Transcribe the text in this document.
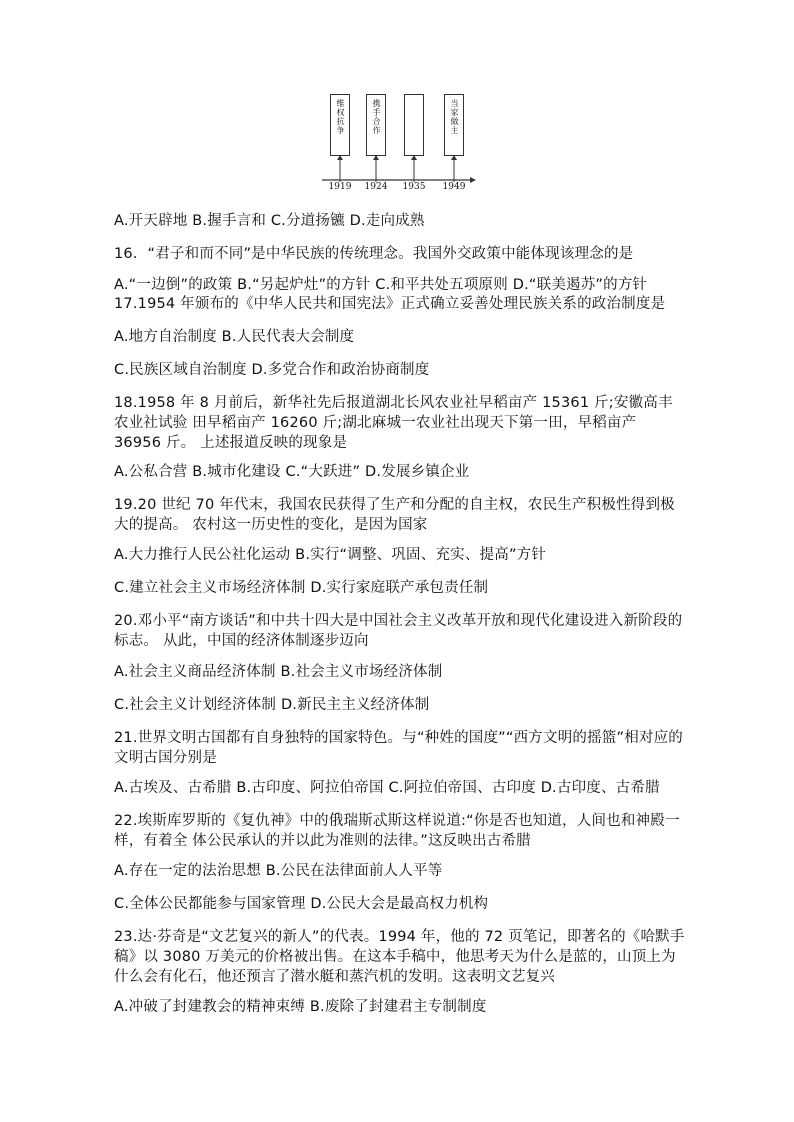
维权抗争	携手合作	当家做主
1919	1924	1935	1949
A.开天辟地 B.握手言和 C.分道扬镳 D.走向成熟
16．“君子和而不同”是中华民族的传统理念。我国外交政策中能体现该理念的是
A.“一边倒”的政策 B.“另起炉灶”的方针 C.和平共处五项原则 D.“联美遏苏”的方针
17.1954 年颁布的《中华人民共和国宪法》正式确立妥善处理民族关系的政治制度是
A.地方自治制度 B.人民代表大会制度
C.民族区域自治制度 D.多党合作和政治协商制度
18.1958 年 8 月前后，新华社先后报道湖北长风农业社早稻亩产 15361 斤;安徽高丰农业社试验 田早稻亩产 16260 斤;湖北麻城一农业社出现天下第一田，早稻亩产 36956 斤。 上述报道反映的现象是
A.公私合营 B.城市化建设 C.“大跃进” D.发展乡镇企业
19.20 世纪 70 年代末，我国农民获得了生产和分配的自主权，农民生产积极性得到极大的提高。 农村这一历史性的变化，是因为国家
A.大力推行人民公社化运动 B.实行“调整、巩固、充实、提高”方针
C.建立社会主义市场经济体制 D.实行家庭联产承包责任制
20.邓小平“南方谈话”和中共十四大是中国社会主义改革开放和现代化建设进入新阶段的标志。 从此，中国的经济体制逐步迈向
A.社会主义商品经济体制 B.社会主义市场经济体制
C.社会主义计划经济体制 D.新民主主义经济体制
21.世界文明古国都有自身独特的国家特色。与“种姓的国度”“西方文明的摇篮”相对应的文明古国分别是
A.古埃及、古希腊 B.古印度、阿拉伯帝国 C.阿拉伯帝国、古印度 D.古印度、古希腊
22.埃斯库罗斯的《复仇神》中的俄瑞斯忒斯这样说道:“你是否也知道，人间也和神殿一样，有着全 体公民承认的并以此为准则的法律。”这反映出古希腊
A.存在一定的法治思想 B.公民在法律面前人人平等
C.全体公民都能参与国家管理 D.公民大会是最高权力机构
23.达·芬奇是“文艺复兴的新人”的代表。1994 年，他的 72 页笔记，即著名的《哈默手稿》以 3080 万美元的价格被出售。在这本手稿中，他思考天为什么是蓝的，山顶上为什么会有化石，他还预言了潜水艇和蒸汽机的发明。这表明文艺复兴
A.冲破了封建教会的精神束缚 B.废除了封建君主专制制度
